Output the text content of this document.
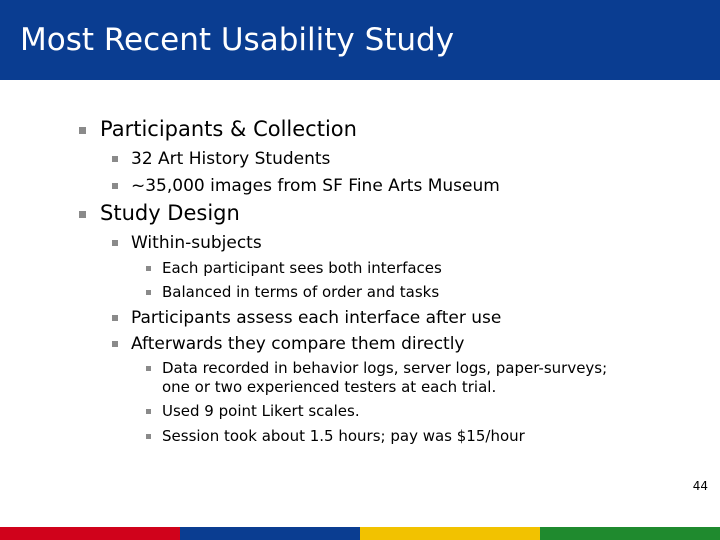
Most Recent Usability Study
Participants & Collection
32 Art History Students
~35,000 images from SF Fine Arts Museum
Study Design
Within-subjects
Each participant sees both interfaces
Balanced in terms of order and tasks
Participants assess each interface after use
Afterwards they compare them directly
Data recorded in behavior logs, server logs, paper-surveys;
one or two experienced testers at each trial.
Used 9 point Likert scales.
Session took about 1.5 hours; pay was $15/hour
44
